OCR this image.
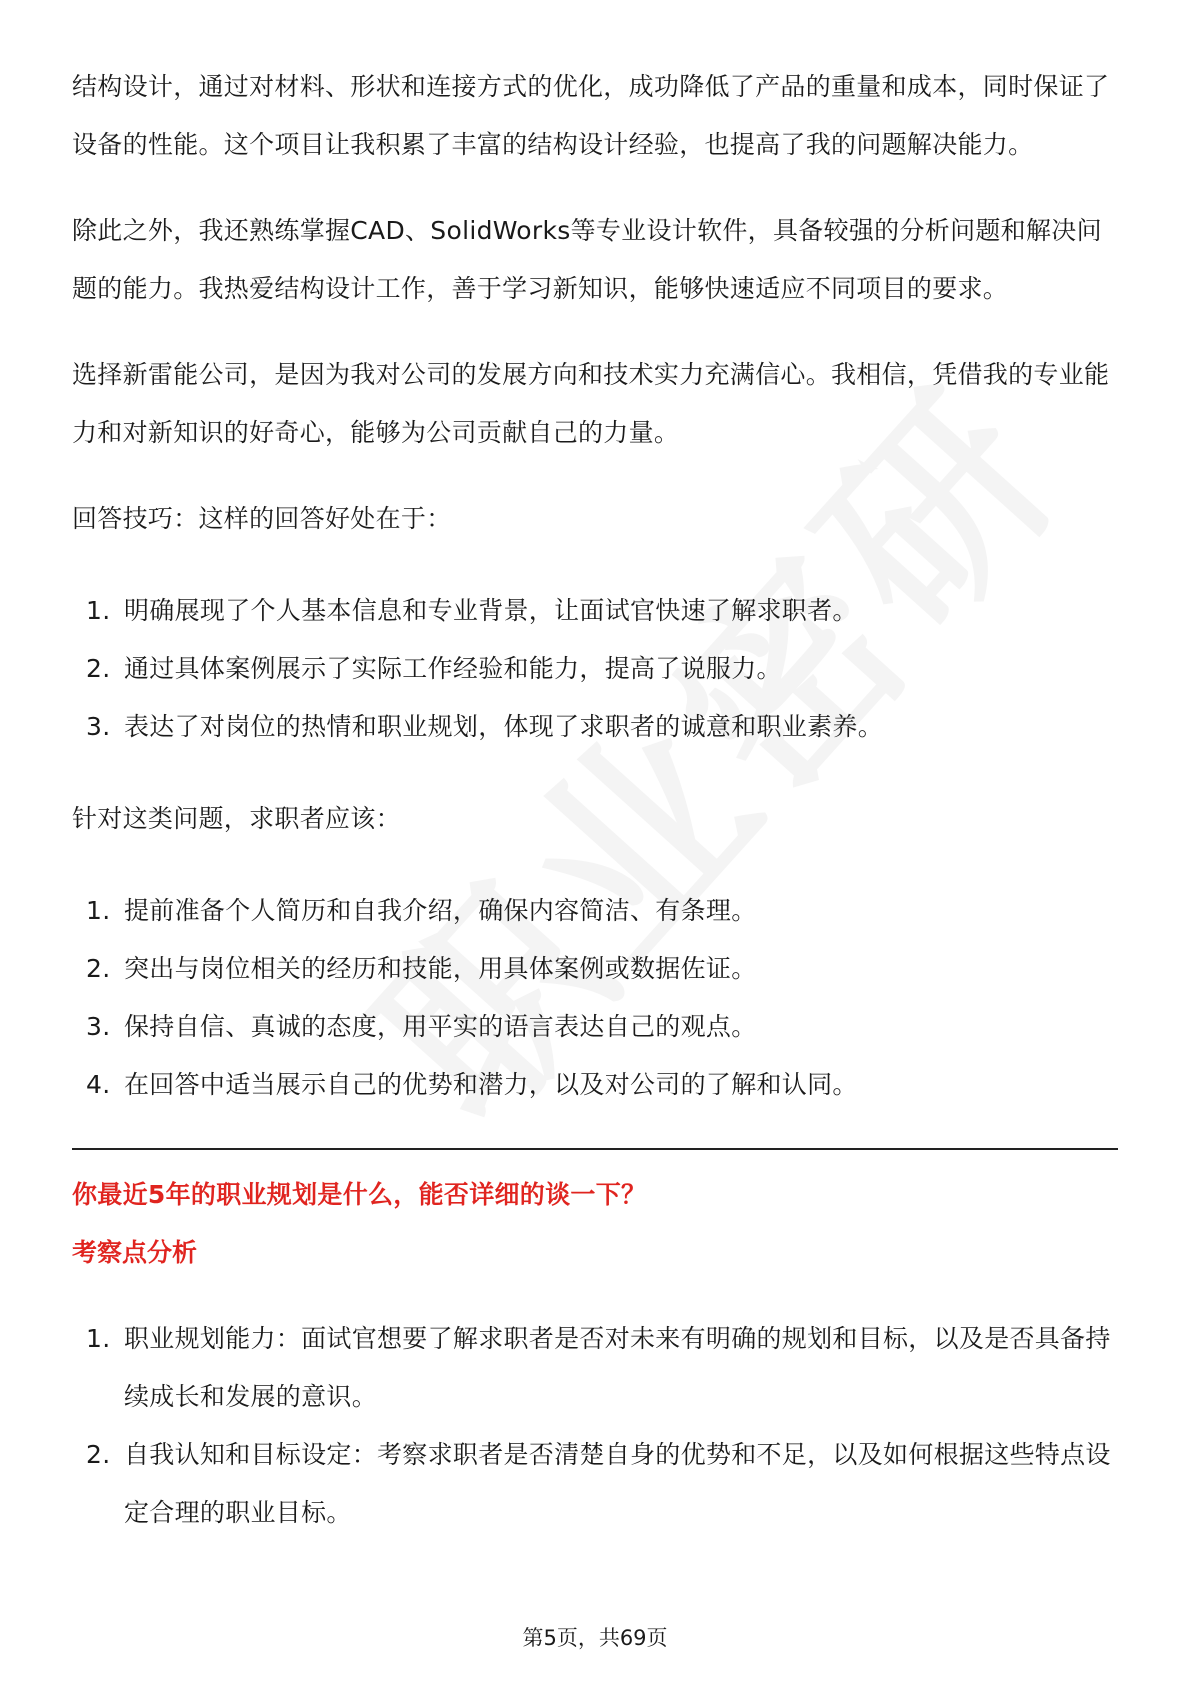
结构设计，通过对材料、形状和连接方式的优化，成功降低了产品的重量和成本，同时保证了设备的性能。这个项目让我积累了丰富的结构设计经验，也提高了我的问题解决能力。

除此之外，我还熟练掌握CAD、SolidWorks等专业设计软件，具备较强的分析问题和解决问题的能力。我热爱结构设计工作，善于学习新知识，能够快速适应不同项目的要求。

选择新雷能公司，是因为我对公司的发展方向和技术实力充满信心。我相信，凭借我的专业能力和对新知识的好奇心，能够为公司贡献自己的力量。

回答技巧：这样的回答好处在于：

1. 明确展现了个人基本信息和专业背景，让面试官快速了解求职者。
2. 通过具体案例展示了实际工作经验和能力，提高了说服力。
3. 表达了对岗位的热情和职业规划，体现了求职者的诚意和职业素养。

针对这类问题，求职者应该：

1. 提前准备个人简历和自我介绍，确保内容简洁、有条理。
2. 突出与岗位相关的经历和技能，用具体案例或数据佐证。
3. 保持自信、真诚的态度，用平实的语言表达自己的观点。
4. 在回答中适当展示自己的优势和潜力，以及对公司的了解和认同。
你最近5年的职业规划是什么，能否详细的谈一下？
考察点分析
1. 职业规划能力：面试官想要了解求职者是否对未来有明确的规划和目标，以及是否具备持续成长和发展的意识。
2. 自我认知和目标设定：考察求职者是否清楚自身的优势和不足，以及如何根据这些特点设定合理的职业目标。
第5页，共69页
